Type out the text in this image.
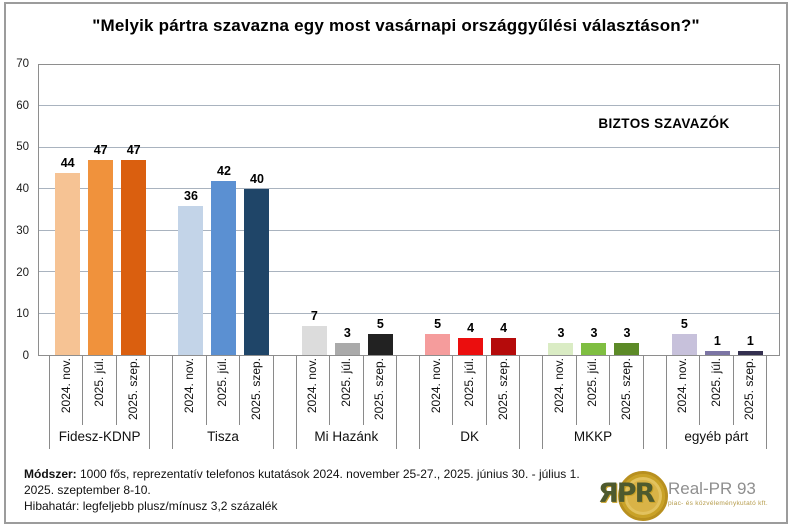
"Melyik pártra szavazna egy most vasárnapi országgyűlési választáson?"
0
10
20
30
40
50
60
70
44
47 47
36
42
40
7
3
5	5 4 4	3 3 3
5
1 1
BIZTOS SZAVAZÓK
2024. nov. 2025. júl. 2025. szep.	2024. nov. 2025. júl. 2025. szep.	2024. nov. 2025. júl. 2025. szep.	2024. nov. 2025. júl. 2025. szep.	2024. nov. 2025. júl. 2025. szep.	2024. nov. 2025. júl. 2025. szep.
Fidesz-KDNP	Tisza	Mi Hazánk	DK	MKKP	egyéb párt
Módszer: 1000 fős, reprezentatív telefonos kutatások 2024. november 25-27., 2025. június 30. - július 1.
2025. szeptember 8-10.
Hibahatár: legfeljebb plusz/mínusz 3,2 százalék	ЯPR Real-PR 93
piac- és közvéleménykutató kft.
